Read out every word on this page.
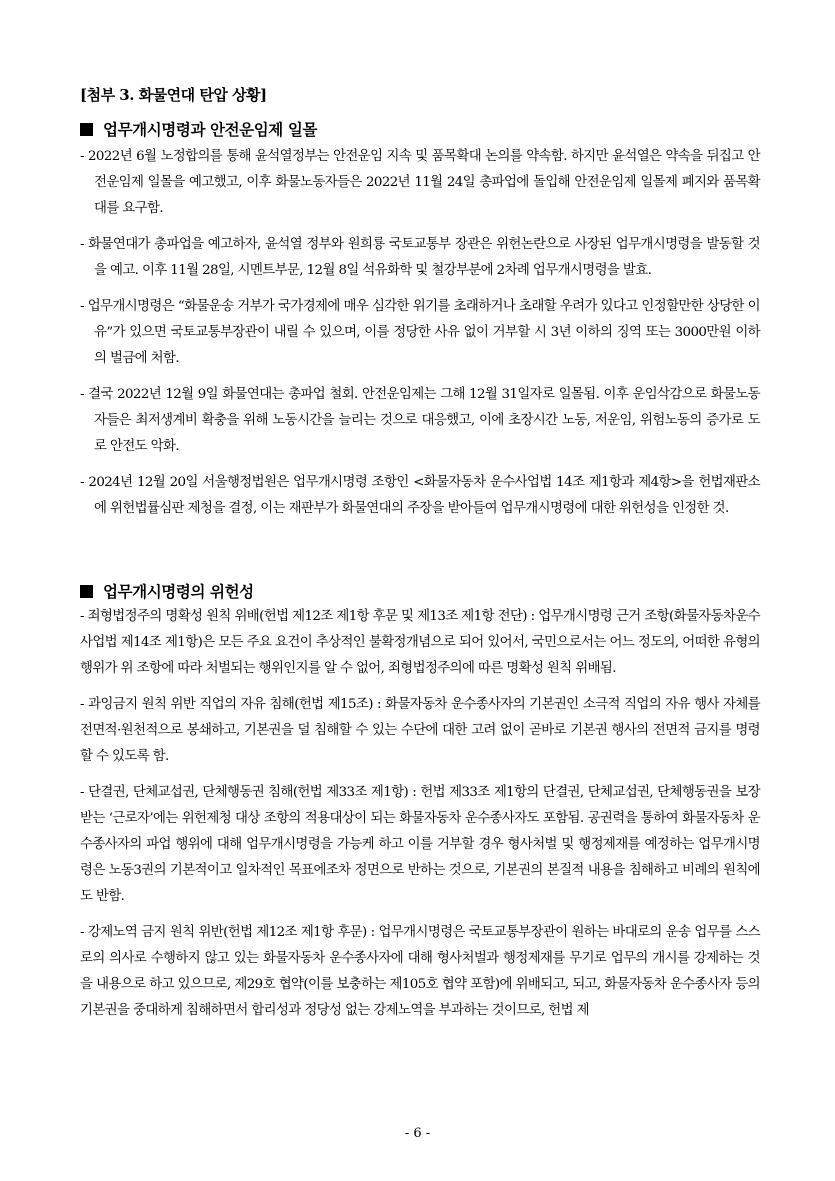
[첨부 3. 화물연대 탄압 상황]
업무개시명령과 안전운임제 일몰
- 2022년 6월 노정합의를 통해 윤석열정부는 안전운임 지속 및 품목확대 논의를 약속함. 하지만 윤석열은 약속을 뒤집고 안전운임제 일몰을 예고했고, 이후 화물노동자들은 2022년 11월 24일 총파업에 돌입해 안전운임제 일몰제 폐지와 품목확대를 요구함.
- 화물연대가 총파업을 예고하자, 윤석열 정부와 원희룡 국토교통부 장관은 위헌논란으로 사장된 업무개시명령을 발동할 것을 예고. 이후 11월 28일, 시멘트부문, 12월 8일 석유화학 및 철강부분에 2차례 업무개시명령을 발효.
- 업무개시명령은 “화물운송 거부가 국가경제에 매우 심각한 위기를 초래하거나 초래할 우려가 있다고 인정할만한 상당한 이유”가 있으면 국토교통부장관이 내릴 수 있으며, 이를 정당한 사유 없이 거부할 시 3년 이하의 징역 또는 3000만원 이하의 벌금에 처함.
- 결국 2022년 12월 9일 화물연대는 총파업 철회. 안전운임제는 그해 12월 31일자로 일몰됨. 이후 운임삭감으로 화물노동자들은 최저생계비 확충을 위해 노동시간을 늘리는 것으로 대응했고, 이에 초장시간 노동, 저운임, 위험노동의 증가로 도로 안전도 악화.
- 2024년 12월 20일 서울행정법원은 업무개시명령 조항인 <화물자동차 운수사업법 14조 제1항과 제4항>을 헌법재판소에 위헌법률심판 제청을 결정, 이는 재판부가 화물연대의 주장을 받아들여 업무개시명령에 대한 위헌성을 인정한 것.
업무개시명령의 위헌성
- 죄형법정주의 명확성 원칙 위배(헌법 제12조 제1항 후문 및 제13조 제1항 전단) : 업무개시명령 근거 조항(화물자동차운수사업법 제14조 제1항)은 모든 주요 요건이 추상적인 불확정개념으로 되어 있어서, 국민으로서는 어느 정도의, 어떠한 유형의 행위가 위 조항에 따라 처벌되는 행위인지를 알 수 없어, 죄형법정주의에 따른 명확성 원칙 위배됨.
- 과잉금지 원칙 위반 직업의 자유 침해(헌법 제15조) : 화물자동차 운수종사자의 기본권인 소극적 직업의 자유 행사 자체를 전면적·원천적으로 봉쇄하고, 기본권을 덜 침해할 수 있는 수단에 대한 고려 없이 곧바로 기본권 행사의 전면적 금지를 명령할 수 있도록 함.
- 단결권, 단체교섭권, 단체행동권 침해(헌법 제33조 제1항) : 헌법 제33조 제1항의 단결권, 단체교섭권, 단체행동권을 보장받는 ‘근로자’에는 위헌제청 대상 조항의 적용대상이 되는 화물자동차 운수종사자도 포함됨. 공권력을 통하여 화물자동차 운수종사자의 파업 행위에 대해 업무개시명령을 가능케 하고 이를 거부할 경우 형사처벌 및 행정제재를 예정하는 업무개시명령은 노동3권의 기본적이고 일차적인 목표에조차 정면으로 반하는 것으로, 기본권의 본질적 내용을 침해하고 비례의 원칙에도 반함.
- 강제노역 금지 원칙 위반(헌법 제12조 제1항 후문) : 업무개시명령은 국토교통부장관이 원하는 바대로의 운송 업무를 스스로의 의사로 수행하지 않고 있는 화물자동차 운수종사자에 대해 형사처벌과 행정제재를 무기로 업무의 개시를 강제하는 것을 내용으로 하고 있으므로, 제29호 협약(이를 보충하는 제105호 협약 포함)에 위배되고, 되고, 화물자동차 운수종사자 등의 기본권을 중대하게 침해하면서 합리성과 정당성 없는 강제노역을 부과하는 것이므로, 헌법 제
- 6 -
